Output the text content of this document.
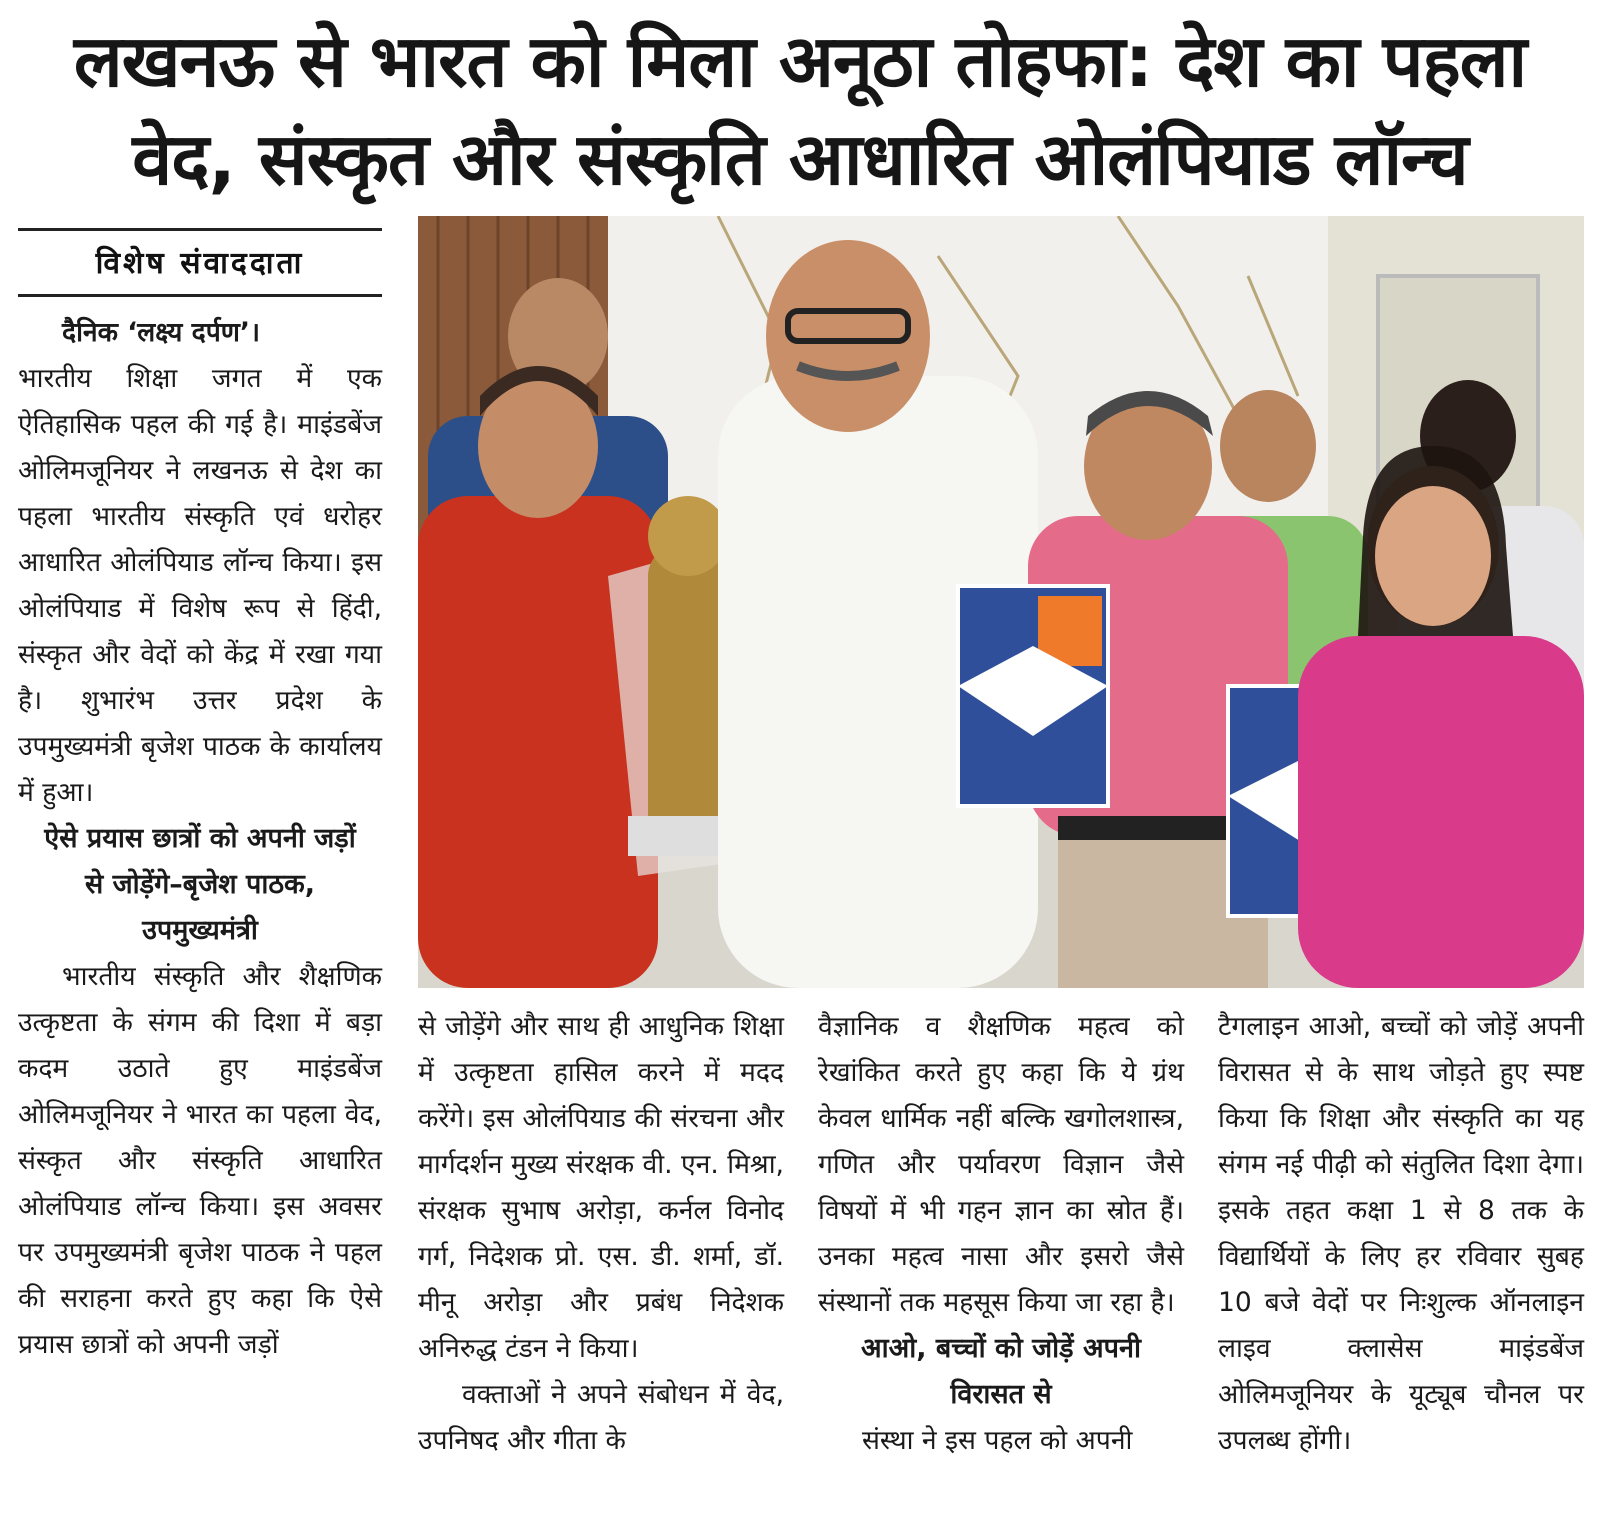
लखनऊ से भारत को मिला अनूठा तोहफा: देश का पहला
वेद, संस्कृत और संस्कृति आधारित ओलंपियाड लॉन्च
विशेष संवाददाता

दैनिक ‘लक्ष्य दर्पण’।

भारतीय शिक्षा जगत में एक ऐतिहासिक पहल की गई है। माइंडबेंज ओलिमजूनियर ने लखनऊ से देश का पहला भारतीय संस्कृति एवं धरोहर आधारित ओलंपियाड लॉन्च किया। इस ओलंपियाड में विशेष रूप से हिंदी, संस्कृत और वेदों को केंद्र में रखा गया है। शुभारंभ उत्तर प्रदेश के उपमुख्यमंत्री बृजेश पाठक के कार्यालय में हुआ।

ऐसे प्रयास छात्रों को अपनी जड़ों से जोड़ेंगे–बृजेश पाठक, उपमुख्यमंत्री

भारतीय संस्कृति और शैक्षणिक उत्कृष्टता के संगम की दिशा में बड़ा कदम उठाते हुए माइंडबेंज ओलिमजूनियर ने भारत का पहला वेद, संस्कृत और संस्कृति आधारित ओलंपियाड लॉन्च किया। इस अवसर पर उपमुख्यमंत्री बृजेश पाठक ने पहल की सराहना करते हुए कहा कि ऐसे प्रयास छात्रों को अपनी जड़ों

से जोड़ेंगे और साथ ही आधुनिक शिक्षा में उत्कृष्टता हासिल करने में मदद करेंगे। इस ओलंपियाड की संरचना और मार्गदर्शन मुख्य संरक्षक वी. एन. मिश्रा, संरक्षक सुभाष अरोड़ा, कर्नल विनोद गर्ग, निदेशक प्रो. एस. डी. शर्मा, डॉ. मीनू अरोड़ा और प्रबंध निदेशक अनिरुद्ध टंडन ने किया।

वक्ताओं ने अपने संबोधन में वेद, उपनिषद और गीता के

वैज्ञानिक व शैक्षणिक महत्व को रेखांकित करते हुए कहा कि ये ग्रंथ केवल धार्मिक नहीं बल्कि खगोलशास्त्र, गणित और पर्यावरण विज्ञान जैसे विषयों में भी गहन ज्ञान का स्रोत हैं। उनका महत्व नासा और इसरो जैसे संस्थानों तक महसूस किया जा रहा है।

आओ, बच्चों को जोड़ें अपनी विरासत से

संस्था ने इस पहल को अपनी

टैगलाइन आओ, बच्चों को जोड़ें अपनी विरासत से के साथ जोड़ते हुए स्पष्ट किया कि शिक्षा और संस्कृति का यह संगम नई पीढ़ी को संतुलित दिशा देगा। इसके तहत कक्षा 1 से 8 तक के विद्यार्थियों के लिए हर रविवार सुबह 10 बजे वेदों पर निःशुल्क ऑनलाइन लाइव क्लासेस माइंडबेंज ओलिमजूनियर के यूट्यूब चौनल पर उपलब्ध होंगी।
